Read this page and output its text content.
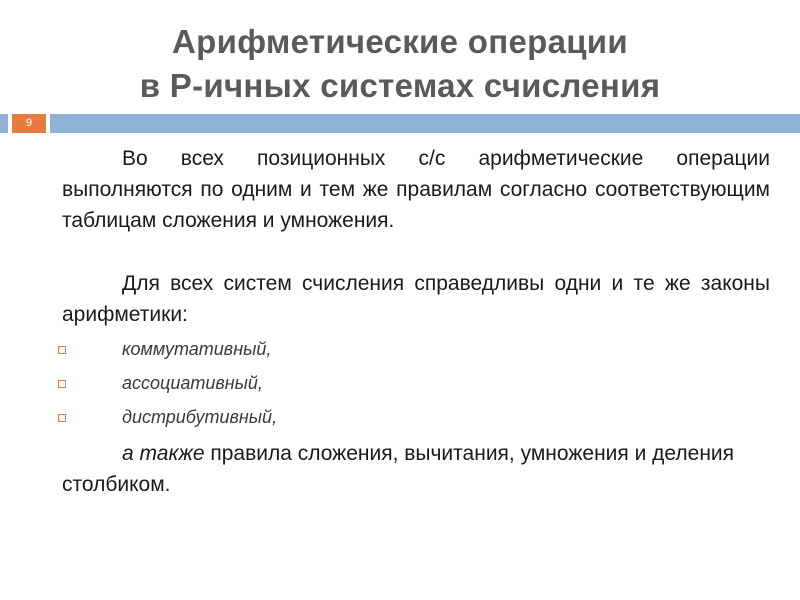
Арифметические операции
в Р-ичных системах счисления
9

Во всех позиционных с/с арифметические операции выполняются по одним и тем же правилам согласно соответствующим таблицам сложения и умножения.

Для всех систем счисления справедливы одни и те же законы арифметики:

коммутативный,
ассоциативный,
дистрибутивный,

а также правила сложения, вычитания, умножения и деления столбиком.
